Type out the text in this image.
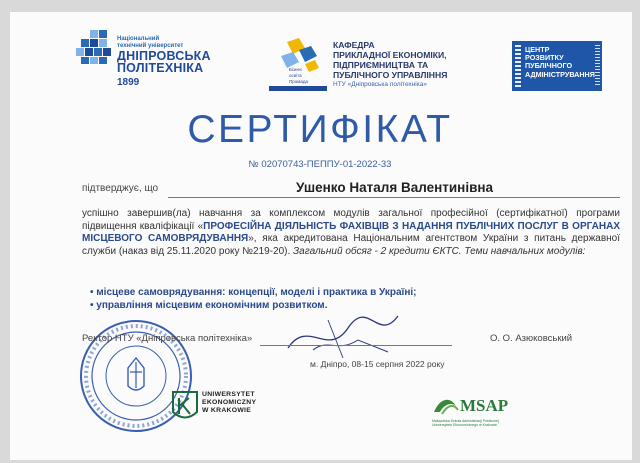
Національний
технічний університет
ДНІПРОВСЬКА
ПОЛІТЕХНІКА
1899
Бізнес
освіта
Промада
КАФЕДРА
ПРИКЛАДНОЇ ЕКОНОМІКИ,
ПІДПРИЄМНИЦТВА ТА
ПУБЛІЧНОГО УПРАВЛІННЯ
НТУ «Дніпровська політехніка»
ЦЕНТР
РОЗВИТКУ
ПУБЛІЧНОГО
АДМІНІСТРУВАННЯ
СЕРТИФІКАТ
№ 02070743-ПЕППУ-01-2022-33
підтверджує, що	Ушенко Наталя Валентинівна
успішно завершив(ла) навчання за комплексом модулів загальної професійної (сертифікатної) програми підвищення кваліфікації «ПРОФЕСІЙНА ДІЯЛЬНІСТЬ ФАХІВЦІВ З НАДАННЯ ПУБЛІЧНИХ ПОСЛУГ В ОРГАНАХ МІСЦЕВОГО САМОВРЯДУВАННЯ», яка акредитована Національним агентством України з питань державної служби (наказ від 25.11.2020 року №219-20). Загальний обсяг - 2 кредити ЄКТС. Теми навчальних модулів:
• місцеве самоврядування: концепції, моделі і практика в Україні;
• управління місцевим економічним розвитком.
Ректор НТУ «Дніпровська політехніка»	О. О. Азюковський
м. Дніпро, 08-15 серпня 2022 року
UNIWERSYTET
EKONOMICZNY
W KRAKOWIE	MSAP
Małopolska Szkoła Administracji Publicznej
Uniwersytetu Ekonomicznego w Krakowie
